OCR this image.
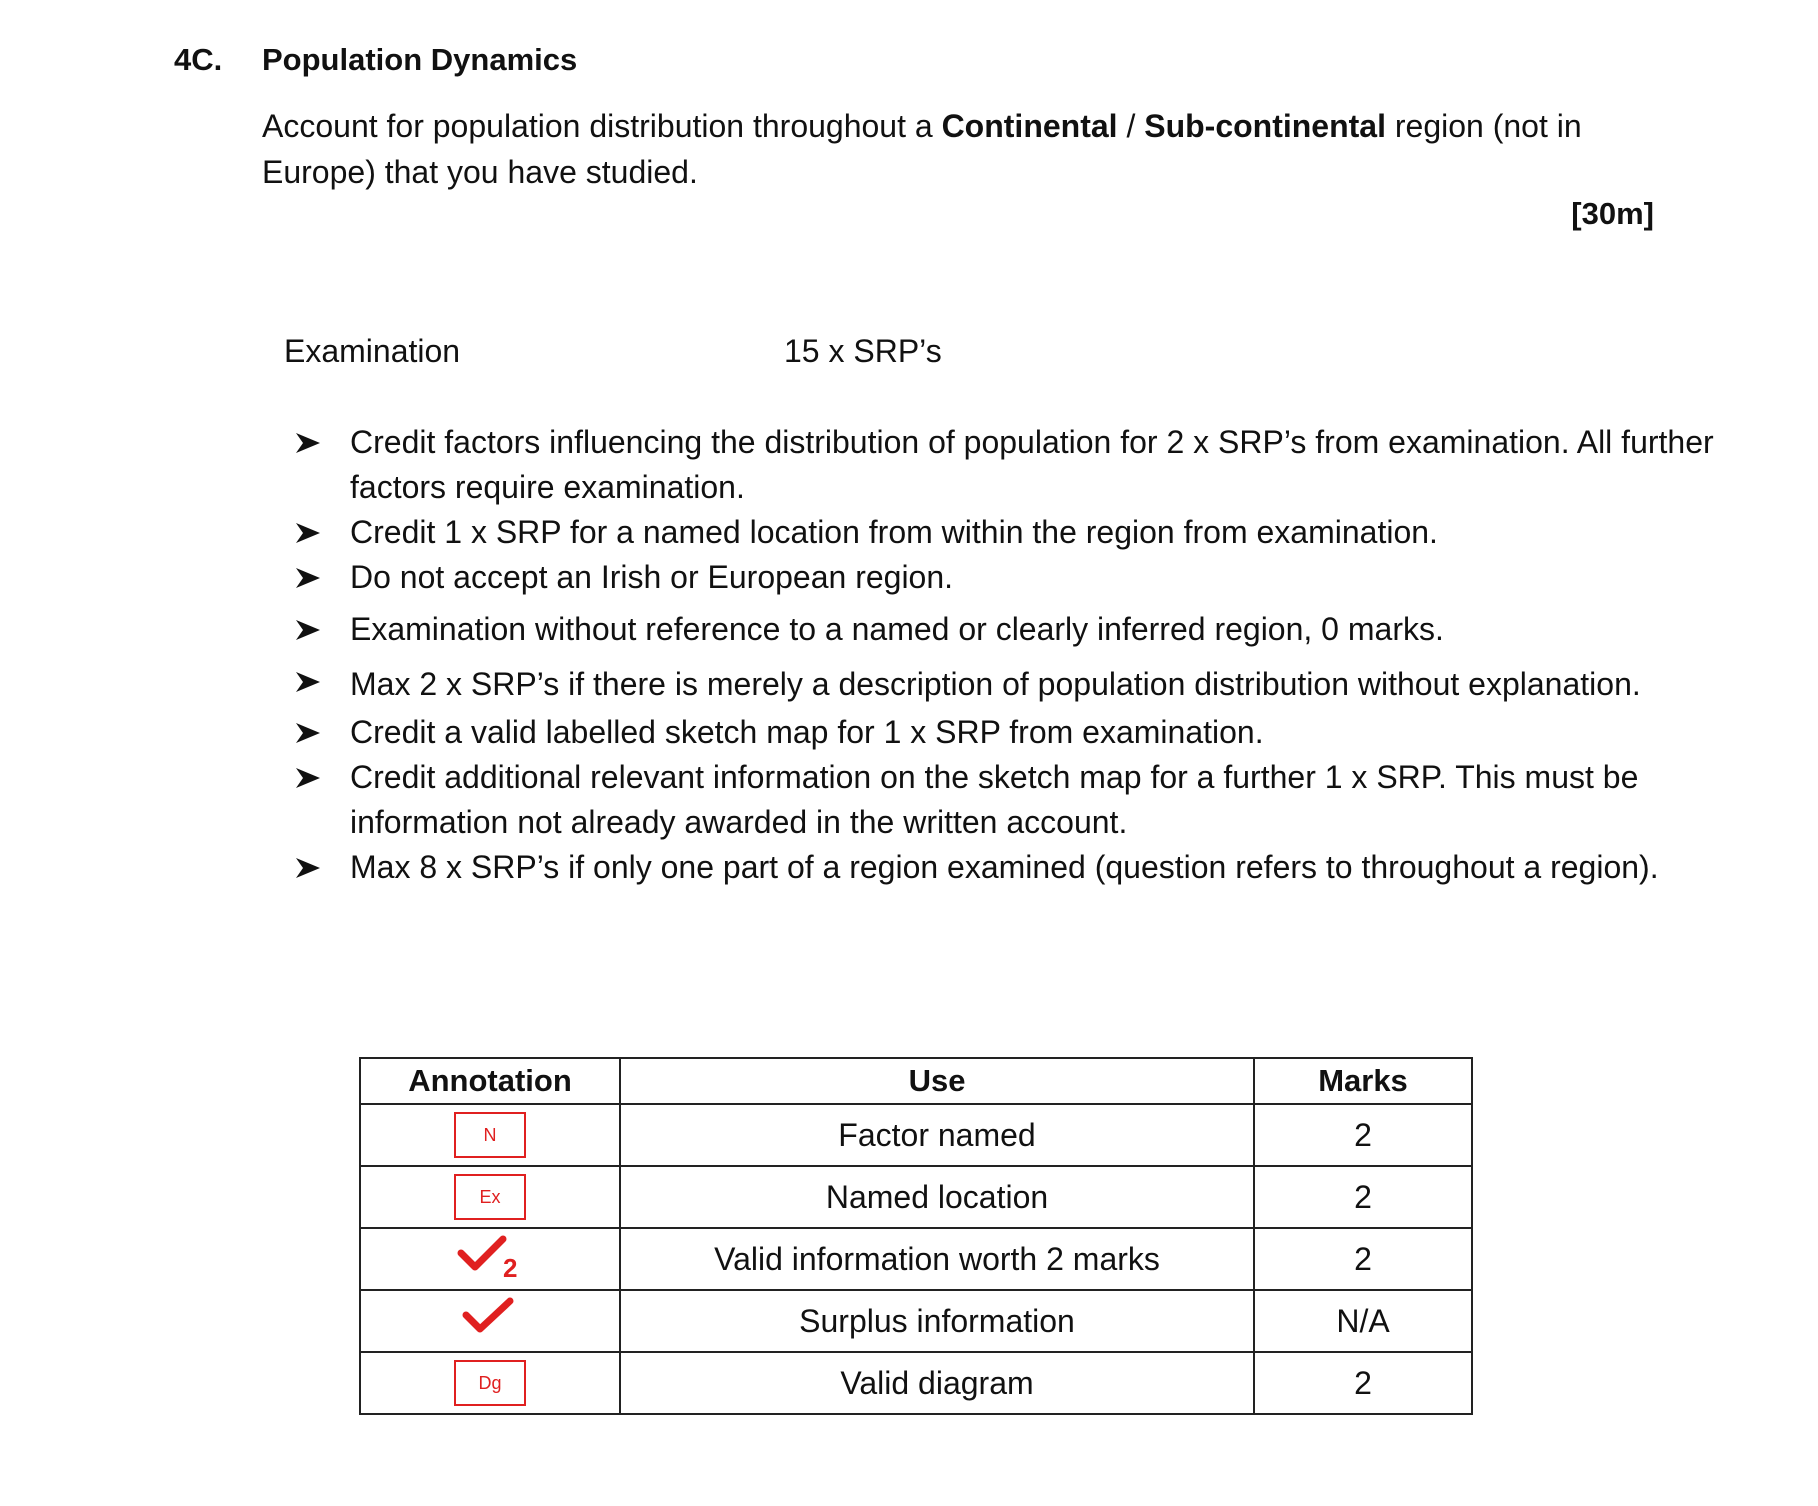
4C. Population Dynamics
Account for population distribution throughout a Continental / Sub-continental region (not in Europe) that you have studied.
[30m]
Examination	15 x SRP’s
Credit factors influencing the distribution of population for 2 x SRP’s from examination. All further factors require examination.
Credit 1 x SRP for a named location from within the region from examination.
Do not accept an Irish or European region.
Examination without reference to a named or clearly inferred region, 0 marks.
Max 2 x SRP’s if there is merely a description of population distribution without explanation.
Credit a valid labelled sketch map for 1 x SRP from examination.
Credit additional relevant information on the sketch map for a further 1 x SRP. This must be information not already awarded in the written account.
Max 8 x SRP’s if only one part of a region examined (question refers to throughout a region).
Annotation	Use	Marks
N	Factor named	2
Ex	Named location	2

2	Valid information worth 2 marks	2
	Surplus information	N/A
Dg	Valid diagram	2
